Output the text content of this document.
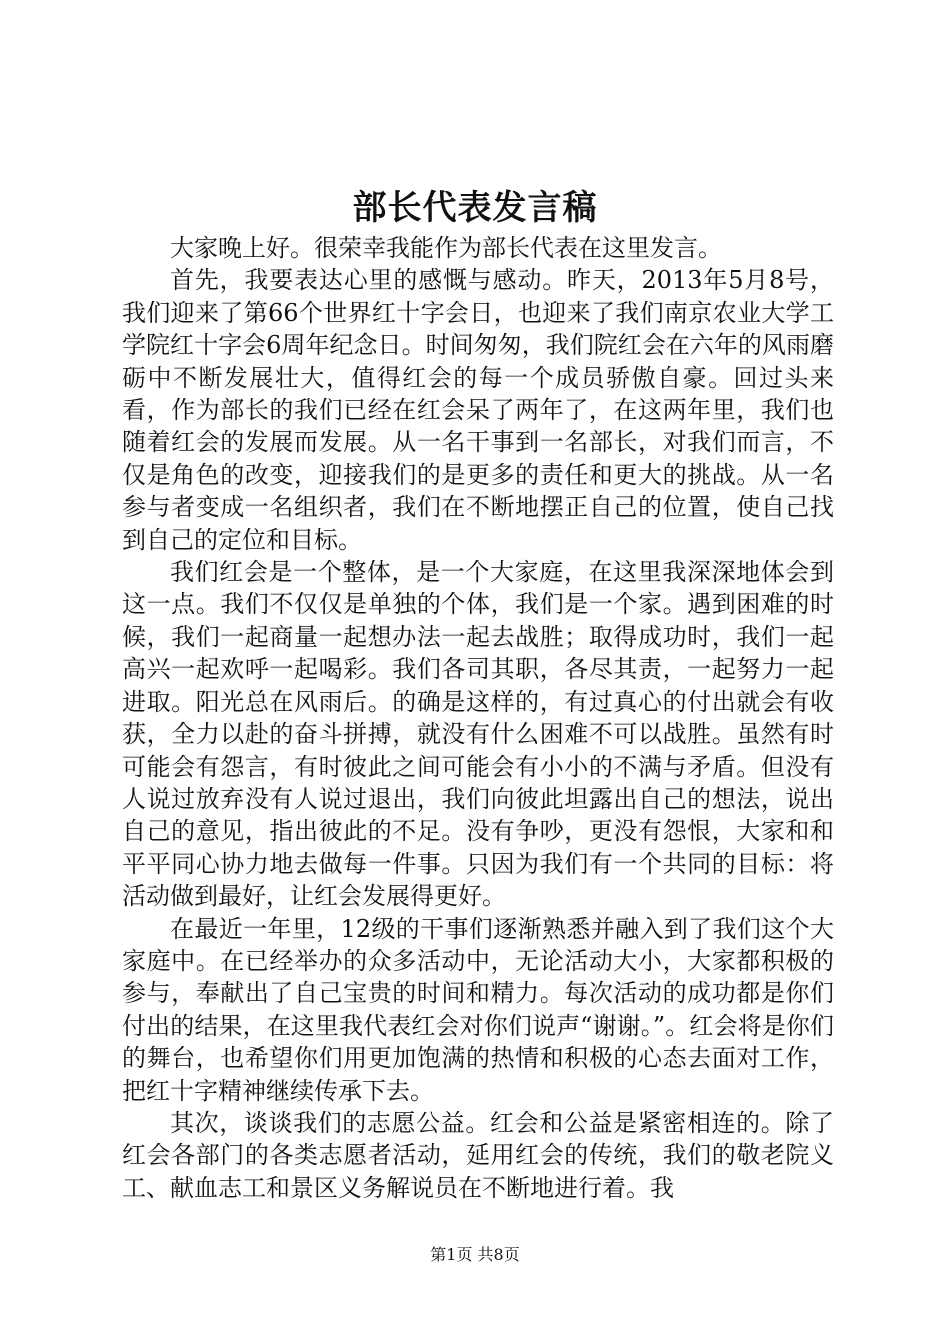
部长代表发言稿

大家晚上好。很荣幸我能作为部长代表在这里发言。

首先，我要表达心里的感慨与感动。昨天，2013年5月8号，我们迎来了第66个世界红十字会日，也迎来了我们南京农业大学工学院红十字会6周年纪念日。时间匆匆，我们院红会在六年的风雨磨砺中不断发展壮大，值得红会的每一个成员骄傲自豪。回过头来看，作为部长的我们已经在红会呆了两年了，在这两年里，我们也随着红会的发展而发展。从一名干事到一名部长，对我们而言，不仅是角色的改变，迎接我们的是更多的责任和更大的挑战。从一名参与者变成一名组织者，我们在不断地摆正自己的位置，使自己找到自己的定位和目标。

我们红会是一个整体，是一个大家庭，在这里我深深地体会到这一点。我们不仅仅是单独的个体，我们是一个家。遇到困难的时候，我们一起商量一起想办法一起去战胜；取得成功时，我们一起高兴一起欢呼一起喝彩。我们各司其职，各尽其责，一起努力一起进取。阳光总在风雨后。的确是这样的，有过真心的付出就会有收获，全力以赴的奋斗拼搏，就没有什么困难不可以战胜。虽然有时可能会有怨言，有时彼此之间可能会有小小的不满与矛盾。但没有人说过放弃没有人说过退出，我们向彼此坦露出自己的想法，说出自己的意见，指出彼此的不足。没有争吵，更没有怨恨，大家和和平平同心协力地去做每一件事。只因为我们有一个共同的目标：将活动做到最好，让红会发展得更好。

在最近一年里，12级的干事们逐渐熟悉并融入到了我们这个大家庭中。在已经举办的众多活动中，无论活动大小，大家都积极的参与，奉献出了自己宝贵的时间和精力。每次活动的成功都是你们付出的结果，在这里我代表红会对你们说声“谢谢。”。红会将是你们的舞台，也希望你们用更加饱满的热情和积极的心态去面对工作，把红十字精神继续传承下去。

其次，谈谈我们的志愿公益。红会和公益是紧密相连的。除了红会各部门的各类志愿者活动，延用红会的传统，我们的敬老院义工、献血志工和景区义务解说员在不断地进行着。我

第1页 共8页
